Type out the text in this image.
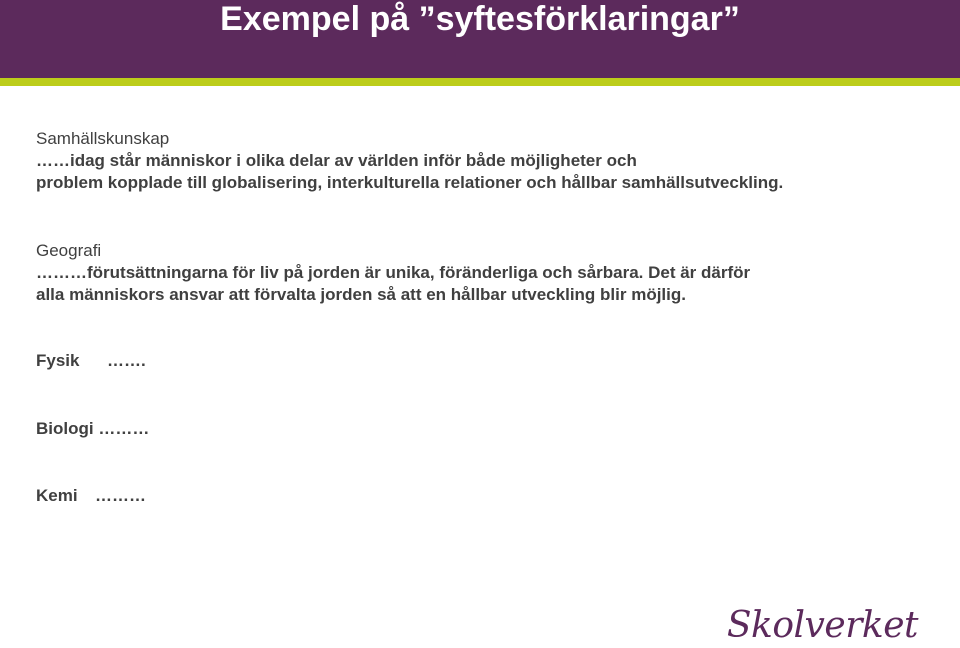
Exempel på ”syftesförklaringar”
Samhällskunskap
……idag står människor i olika delar av världen inför både möjligheter och
problem kopplade till globalisering, interkulturella relationer och hållbar samhällsutveckling.
Geografi
………förutsättningarna för liv på jorden är unika, föränderliga och sårbara. Det är därför
alla människors ansvar att förvalta jorden så att en hållbar utveckling blir möjlig.
Fysik …….
Biologi ………
Kemi ………
Skolverket
